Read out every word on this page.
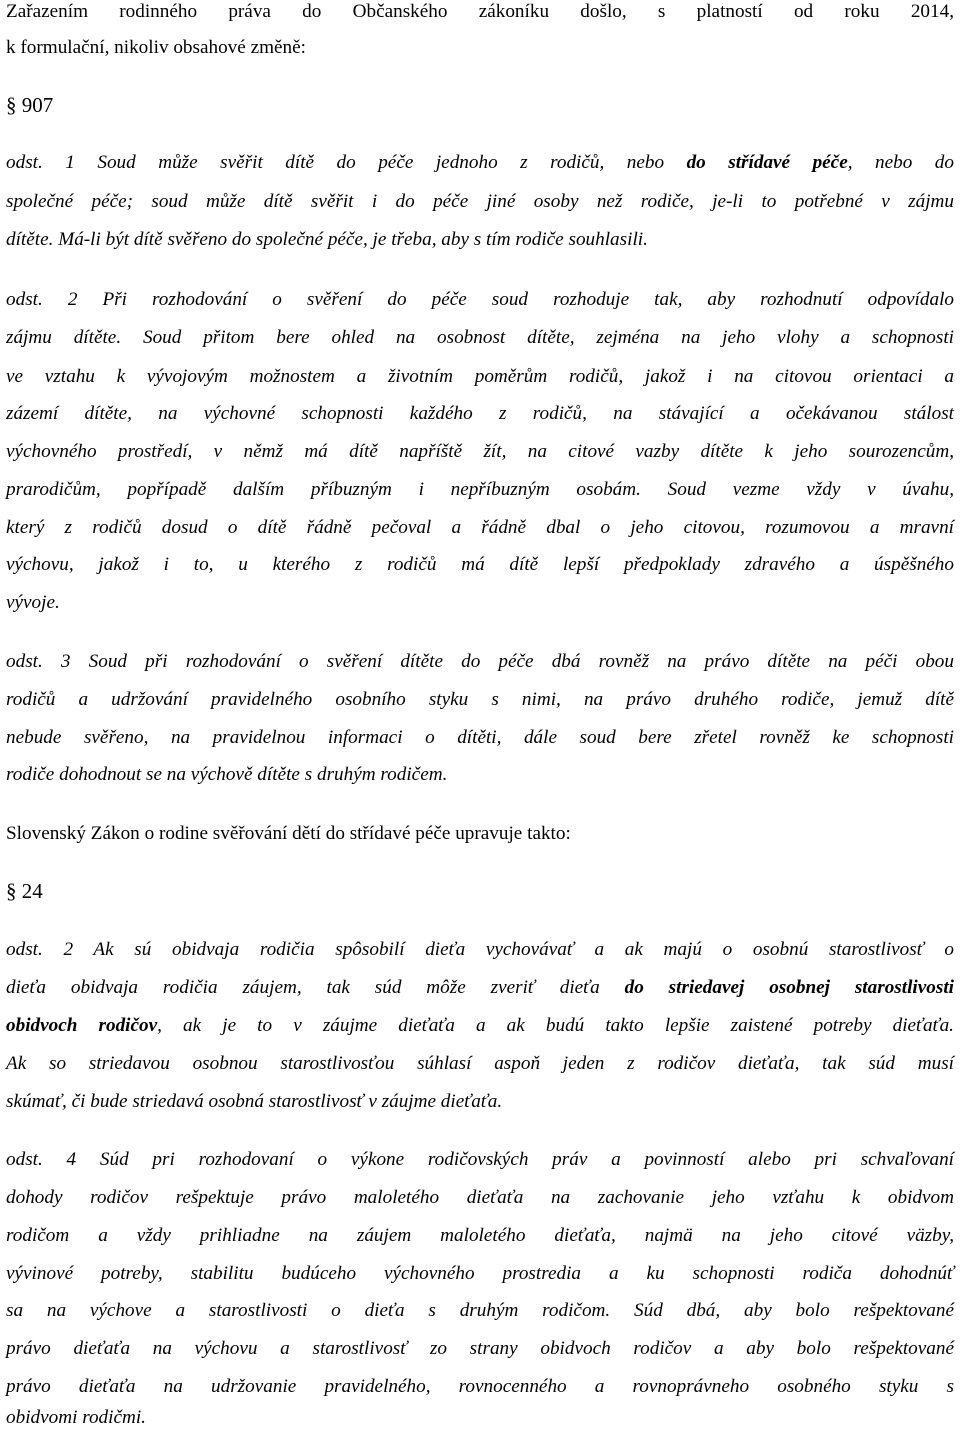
Zařazením rodinného práva do Občanského zákoníku došlo, s platností od roku 2014,
k formulační, nikoliv obsahové změně:
§ 907
odst. 1 Soud může svěřit dítě do péče jednoho z rodičů, nebo do střídavé péče, nebo do
společné péče; soud může dítě svěřit i do péče jiné osoby než rodiče, je-li to potřebné v zájmu
dítěte. Má-li být dítě svěřeno do společné péče, je třeba, aby s tím rodiče souhlasili.
odst. 2 Při rozhodování o svěření do péče soud rozhoduje tak, aby rozhodnutí odpovídalo
zájmu dítěte. Soud přitom bere ohled na osobnost dítěte, zejména na jeho vlohy a schopnosti
ve vztahu k vývojovým možnostem a životním poměrům rodičů, jakož i na citovou orientaci a
zázemí dítěte, na výchovné schopnosti každého z rodičů, na stávající a očekávanou stálost
výchovného prostředí, v němž má dítě napříště žít, na citové vazby dítěte k jeho sourozencům,
prarodičům, popřípadě dalším příbuzným i nepříbuzným osobám. Soud vezme vždy v úvahu,
který z rodičů dosud o dítě řádně pečoval a řádně dbal o jeho citovou, rozumovou a mravní
výchovu, jakož i to, u kterého z rodičů má dítě lepší předpoklady zdravého a úspěšného
vývoje.
odst. 3 Soud při rozhodování o svěření dítěte do péče dbá rovněž na právo dítěte na péči obou
rodičů a udržování pravidelného osobního styku s nimi, na právo druhého rodiče, jemuž dítě
nebude svěřeno, na pravidelnou informaci o dítěti, dále soud bere zřetel rovněž ke schopnosti
rodiče dohodnout se na výchově dítěte s druhým rodičem.
Slovenský Zákon o rodine svěřování dětí do střídavé péče upravuje takto:
§ 24
odst. 2 Ak sú obidvaja rodičia spôsobilí dieťa vychovávať a ak majú o osobnú starostlivosť o
dieťa obidvaja rodičia záujem, tak súd môže zveriť dieťa do striedavej osobnej starostlivosti
obidvoch rodičov, ak je to v záujme dieťaťa a ak budú takto lepšie zaistené potreby dieťaťa.
Ak so striedavou osobnou starostlivosťou súhlasí aspoň jeden z rodičov dieťaťa, tak súd musí
skúmať, či bude striedavá osobná starostlivosť v záujme dieťaťa.
odst. 4 Súd pri rozhodovaní o výkone rodičovských práv a povinností alebo pri schvaľovaní
dohody rodičov rešpektuje právo maloletého dieťaťa na zachovanie jeho vzťahu k obidvom
rodičom a vždy prihliadne na záujem maloletého dieťaťa, najmä na jeho citové väzby,
vývinové potreby, stabilitu budúceho výchovného prostredia a ku schopnosti rodiča dohodnúť
sa na výchove a starostlivosti o dieťa s druhým rodičom. Súd dbá, aby bolo rešpektované
právo dieťaťa na výchovu a starostlivosť zo strany obidvoch rodičov a aby bolo rešpektované
právo dieťaťa na udržovanie pravidelného, rovnocenného a rovnoprávneho osobného styku s
obidvomi rodičmi.
